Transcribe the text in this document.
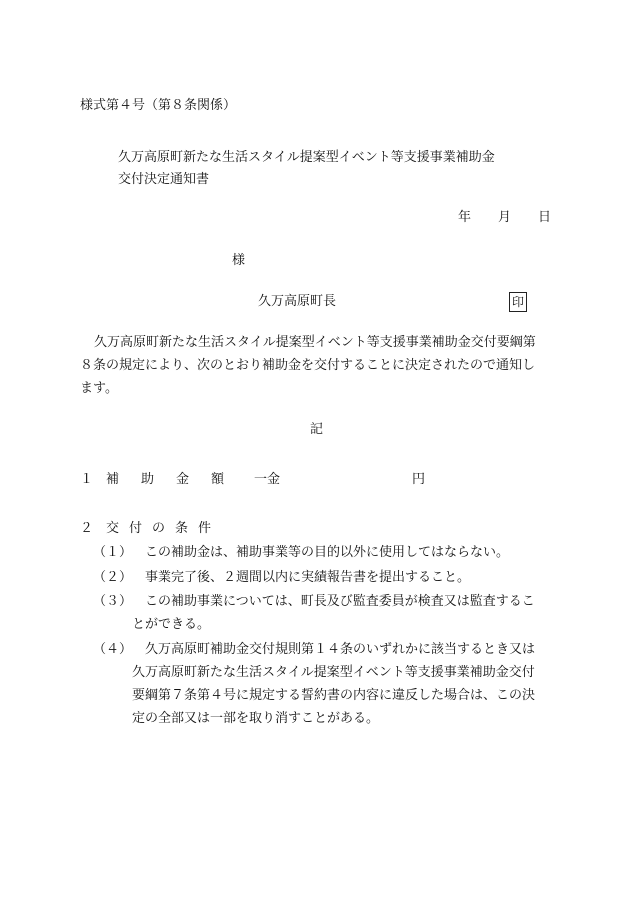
様式第４号（第８条関係）
久万高原町新たな生活スタイル提案型イベント等支援事業補助金
交付決定通知書
年 月 日
様
久万高原町長	印
久万高原町新たな生活スタイル提案型イベント等支援事業補助金交付要綱第
８条の規定により、次のとおり補助金を交付することに決定されたので通知し
ます。
記
１ 補助金額 一金	円
２ 交付の条件
（１） この補助金は、補助事業等の目的以外に使用してはならない。
（２） 事業完了後、２週間以内に実績報告書を提出すること。
（３） この補助事業については、町長及び監査委員が検査又は監査するこ
とができる。
（４） 久万高原町補助金交付規則第１４条のいずれかに該当するとき又は
久万高原町新たな生活スタイル提案型イベント等支援事業補助金交付
要綱第７条第４号に規定する誓約書の内容に違反した場合は、この決
定の全部又は一部を取り消すことがある。
